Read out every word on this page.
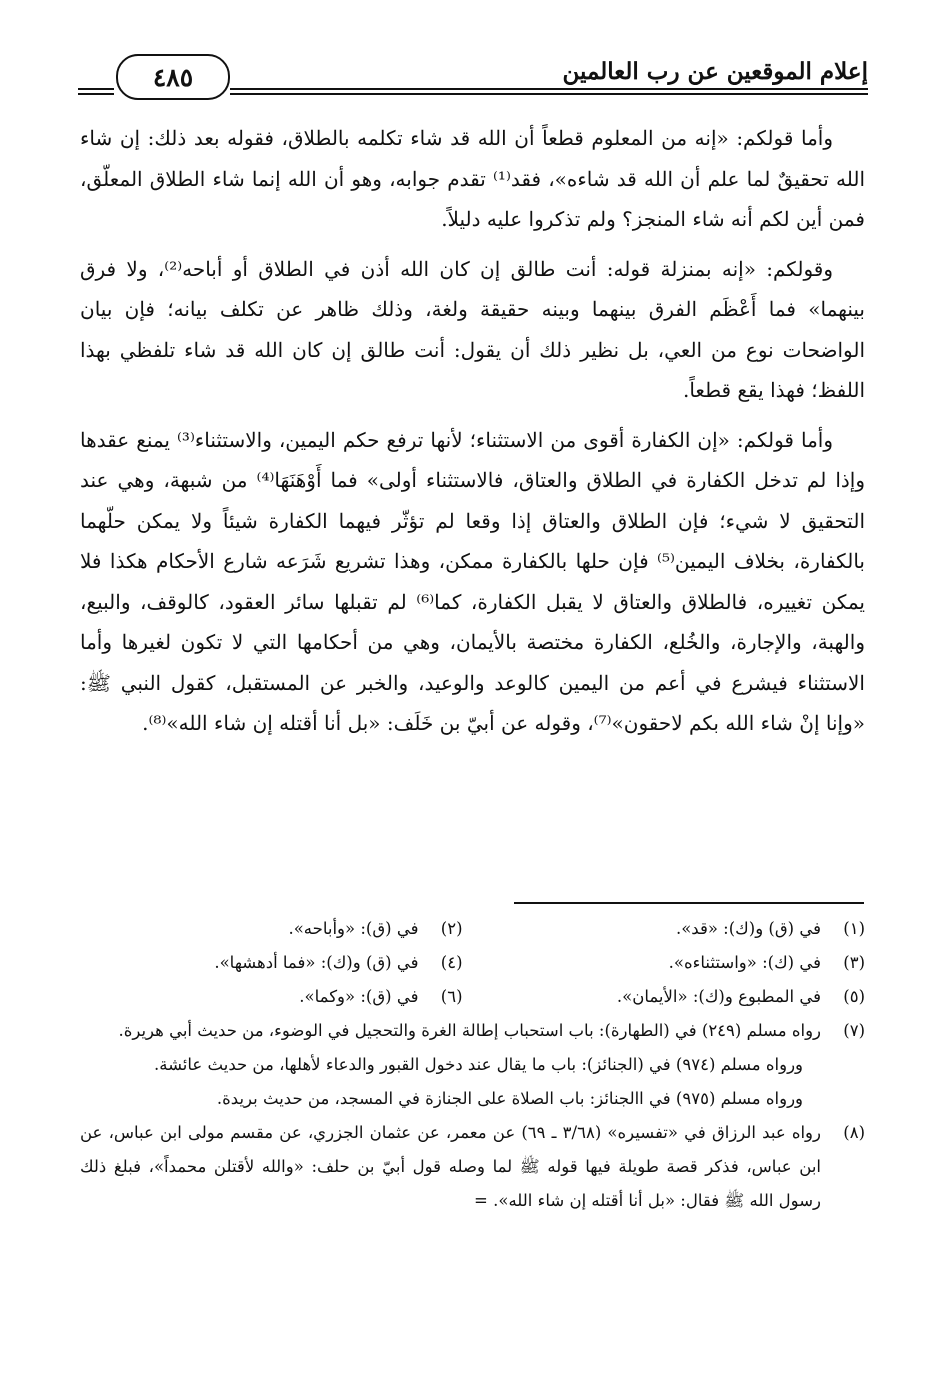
إعلام الموقعين عن رب العالمين
٤٨٥

وأما قولكم: «إنه من المعلوم قطعاً أن الله قد شاء تكلمه بالطلاق، فقوله بعد ذلك: إن شاء الله تحقيقٌ لما علم أن الله قد شاءه»، فقد⁽¹⁾ تقدم جوابه، وهو أن الله إنما شاء الطلاق المعلّق، فمن أين لكم أنه شاء المنجز؟ ولم تذكروا عليه دليلاً.

وقولكم: «إنه بمنزلة قوله: أنت طالق إن كان الله أذن في الطلاق أو أباحه⁽²⁾، ولا فرق بينهما» فما أَعْظَم الفرق بينهما وبينه حقيقة ولغة، وذلك ظاهر عن تكلف بيانه؛ فإن بيان الواضحات نوع من العي، بل نظير ذلك أن يقول: أنت طالق إن كان الله قد شاء تلفظي بهذا اللفظ؛ فهذا يقع قطعاً.

وأما قولكم: «إن الكفارة أقوى من الاستثناء؛ لأنها ترفع حكم اليمين، والاستثناء⁽³⁾ يمنع عقدها وإذا لم تدخل الكفارة في الطلاق والعتاق، فالاستثناء أولى» فما أَوْهَنَهَا⁽⁴⁾ من شبهة، وهي عند التحقيق لا شيء؛ فإن الطلاق والعتاق إذا وقعا لم تؤثّر فيهما الكفارة شيئاً ولا يمكن حلّهما بالكفارة، بخلاف اليمين⁽⁵⁾ فإن حلها بالكفارة ممكن، وهذا تشريع شَرَعه شارع الأحكام هكذا فلا يمكن تغييره، فالطلاق والعتاق لا يقبل الكفارة، كما⁽⁶⁾ لم تقبلها سائر العقود، كالوقف، والبيع، والهبة، والإجارة، والخُلع، الكفارة مختصة بالأيمان، وهي من أحكامها التي لا تكون لغيرها وأما الاستثناء فيشرع في أعم من اليمين كالوعد والوعيد، والخبر عن المستقبل، كقول النبي ﷺ: «وإنا إنْ شاء الله بكم لاحقون»⁽⁷⁾، وقوله عن أبيّ بن خَلَف: «بل أنا أقتله إن شاء الله»⁽⁸⁾.

(١)
في (ق) و(ك): «قد».
(٢)
في (ق): «وأباحه».
(٣)
في (ك): «واستثناءه».
(٤)
في (ق) و(ك): «فما أدهشها».
(٥)
في المطبوع و(ك): «الأيمان».
(٦)
في (ق): «وكما».
(٧)
رواه مسلم (٢٤٩) في (الطهارة): باب استحباب إطالة الغرة والتحجيل في الوضوء، من حديث أبي هريرة.
ورواه مسلم (٩٧٤) في (الجنائز): باب ما يقال عند دخول القبور والدعاء لأهلها، من حديث عائشة.
ورواه مسلم (٩٧٥) في االجنائز: باب الصلاة على الجنازة في المسجد، من حديث بريدة.
(٨)
رواه عبد الرزاق في «تفسيره» (٣/٦٨ ـ ٦٩) عن معمر، عن عثمان الجزري، عن مقسم مولى ابن عباس، عن ابن عباس، فذكر قصة طويلة فيها قوله ﷺ لما وصله قول أبيّ بن حلف: «والله لأقتلن محمداً»، فبلغ ذلك رسول الله ﷺ فقال: «بل أنا أقتله إن شاء الله». =
